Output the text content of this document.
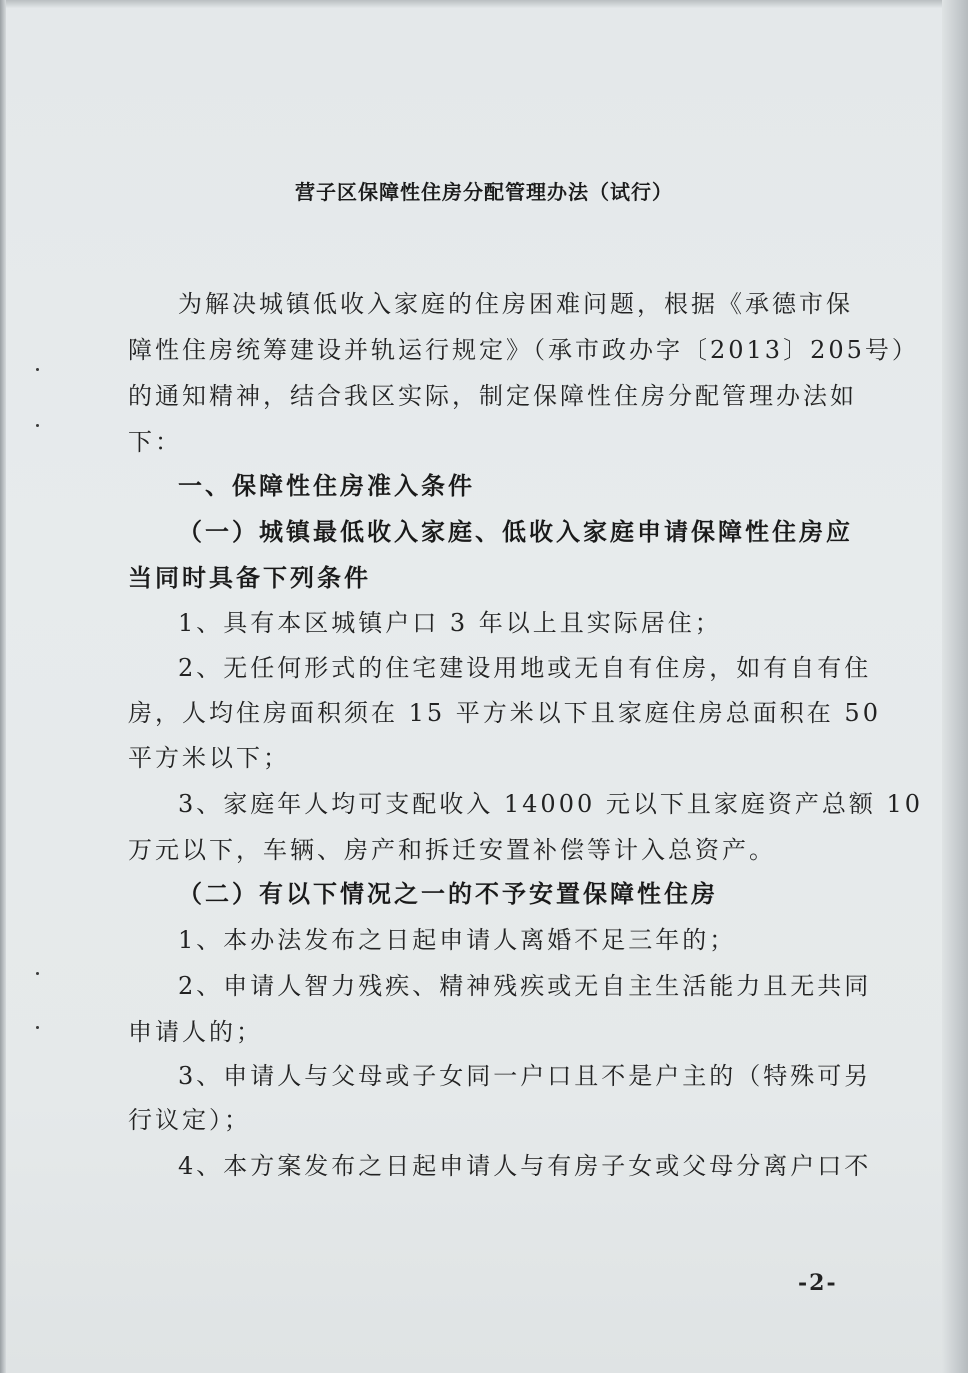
营子区保障性住房分配管理办法（试行）
为解决城镇低收入家庭的住房困难问题，根据《承德市保
障性住房统筹建设并轨运行规定》（承市政办字〔2013〕205号）
的通知精神，结合我区实际，制定保障性住房分配管理办法如
下：
一、保障性住房准入条件
（一）城镇最低收入家庭、低收入家庭申请保障性住房应
当同时具备下列条件
1、具有本区城镇户口 3 年以上且实际居住；
2、无任何形式的住宅建设用地或无自有住房，如有自有住
房，人均住房面积须在 15 平方米以下且家庭住房总面积在 50
平方米以下；
3、家庭年人均可支配收入 14000 元以下且家庭资产总额 10
万元以下，车辆、房产和拆迁安置补偿等计入总资产。
（二）有以下情况之一的不予安置保障性住房
1、本办法发布之日起申请人离婚不足三年的；
2、申请人智力残疾、精神残疾或无自主生活能力且无共同
申请人的；
3、申请人与父母或子女同一户口且不是户主的（特殊可另
行议定）；
4、本方案发布之日起申请人与有房子女或父母分离户口不
-2-
